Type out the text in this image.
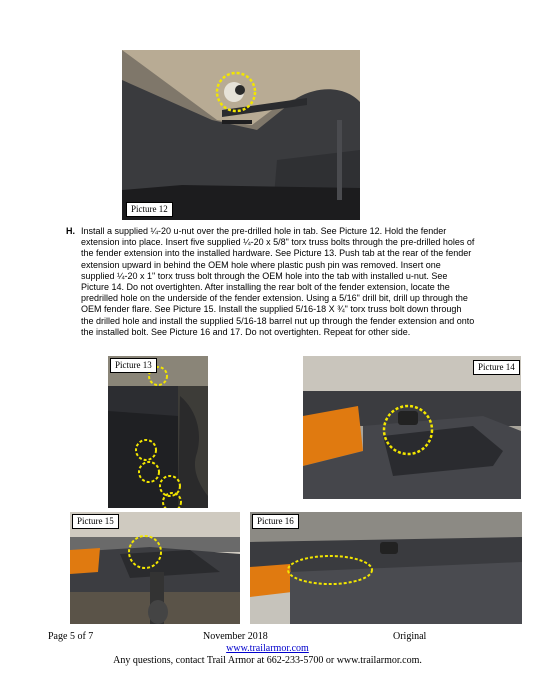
Picture 12
H. Install a supplied ¼-20 u-nut over the pre-drilled hole in tab. See Picture 12. Hold the fender extension into place. Insert five supplied ¼-20 x 5/8" torx truss bolts through the pre-drilled holes of the fender extension into the installed hardware. See Picture 13. Push tab at the rear of the fender extension upward in behind the OEM hole where plastic push pin was removed. Insert one supplied ¼-20 x 1" torx truss bolt through the OEM hole into the tab with installed u-nut. See Picture 14. Do not overtighten. After installing the rear bolt of the fender extension, locate the predrilled hole on the underside of the fender extension. Using a 5/16" drill bit, drill up through the OEM fender flare. See Picture 15. Install the supplied 5/16-18 X ¾" torx truss bolt down through the drilled hole and install the supplied 5/16-18 barrel nut up through the fender extension and onto the installed bolt. See Picture 16 and 17. Do not overtighten. Repeat for other side.
Picture 13	Picture 14
Picture 15	Picture 16
Page 5 of 7	November 2018	Original
www.trailarmor.com
Any questions, contact Trail Armor at 662-233-5700 or www.trailarmor.com.
